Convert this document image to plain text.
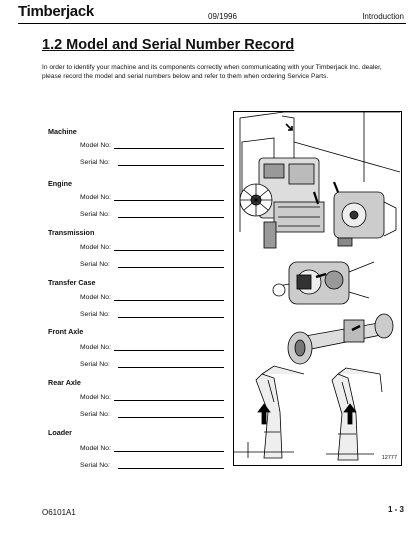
Timberjack	09/1996	Introduction
1.2 Model and Serial Number Record
In order to identify your machine and its components correctly when communicating with your Timberjack Inc. dealer, please record the model and serial numbers below and refer to them when ordering Service Parts.
Machine
Model No:
Serial No:
Engine
Model No:
Serial No:
Transmission
Model No:
Serial No:
Transfer Case
Model No:
Serial No:
Front Axle
Model No:
Serial No:
Rear Axle
Model No:
Serial No:
Loader
Model No:
Serial No:
12777
O6101A1	1 - 3
